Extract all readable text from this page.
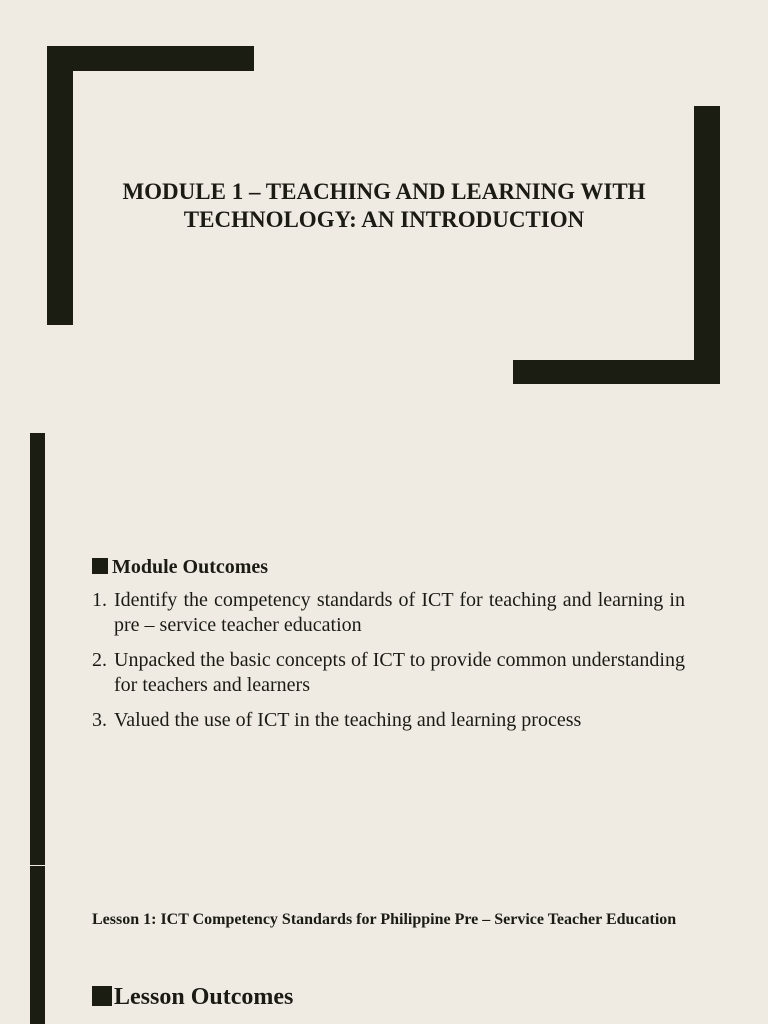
MODULE 1 – TEACHING AND LEARNING WITH TECHNOLOGY: AN INTRODUCTION
Module Outcomes
1. Identify the competency standards of ICT for teaching and learning in pre – service teacher education
2. Unpacked the basic concepts of ICT to provide common understanding for teachers and learners
3. Valued the use of ICT in the teaching and learning process
Lesson 1: ICT Competency Standards for Philippine Pre – Service Teacher Education
Lesson Outcomes
